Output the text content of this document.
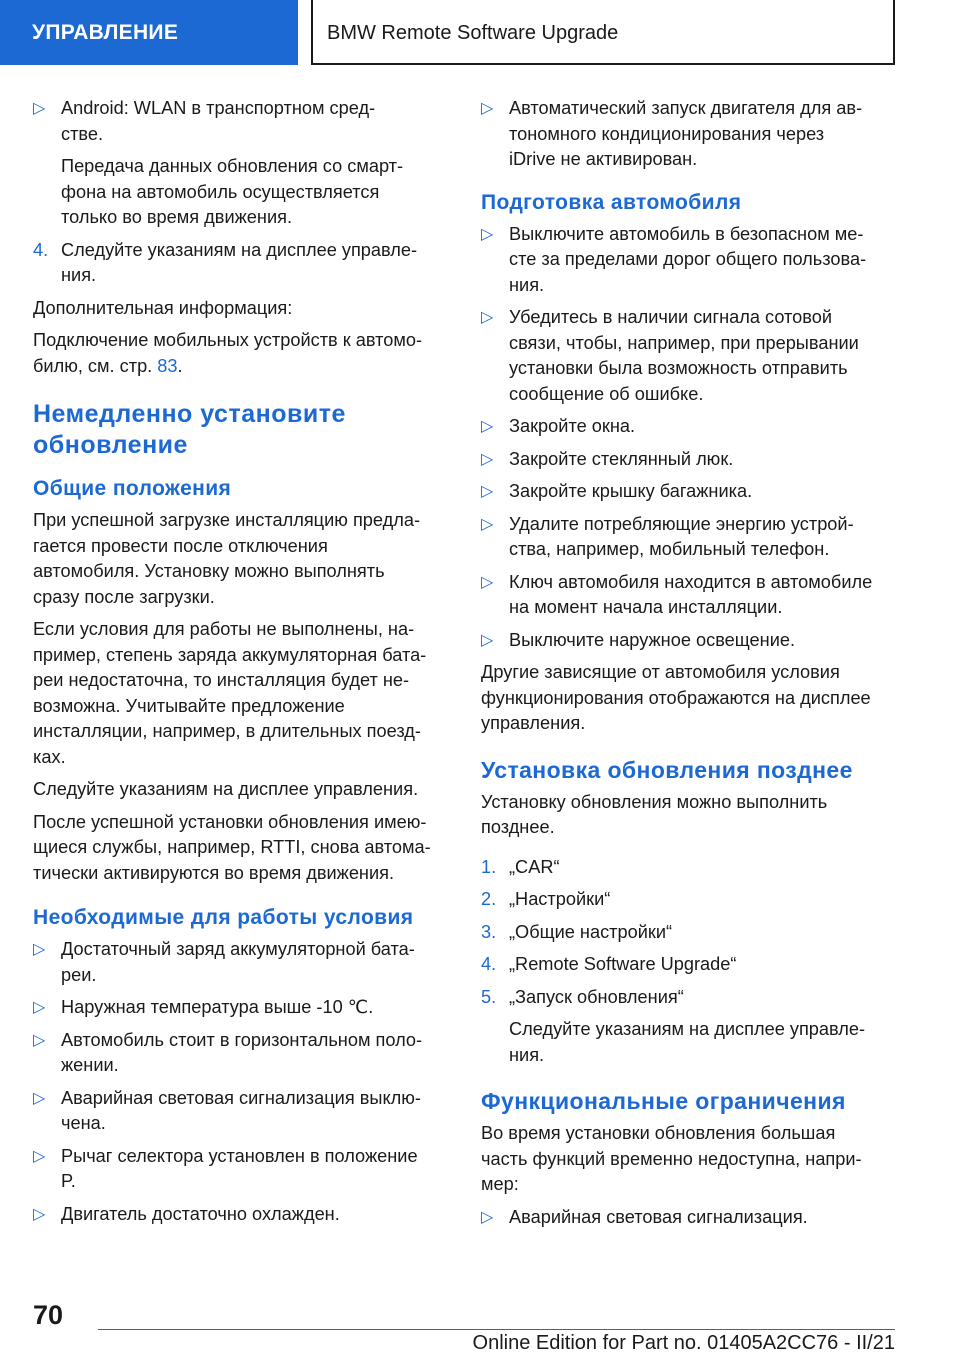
УПРАВЛЕНИЕ	BMW Remote Software Upgrade
▷ Android: WLAN в транспортном сред-
стве.
Передача данных обновления со смарт-
фона на автомобиль осуществляется
только во время движения.
4. Следуйте указаниям на дисплее управле-
ния.
Дополнительная информация:
Подключение мобильных устройств к автомо-
билю, см. стр. 83.
Немедленно установите
обновление
Общие положения
При успешной загрузке инсталляцию предла-
гается провести после отключения
автомобиля. Установку можно выполнять
сразу после загрузки.
Если условия для работы не выполнены, на-
пример, степень заряда аккумуляторная бата-
реи недостаточна, то инсталляция будет не-
возможна. Учитывайте предложение
инсталляции, например, в длительных поезд-
ках.
Следуйте указаниям на дисплее управления.
После успешной установки обновления имею-
щиеся службы, например, RTTI, снова автома-
тически активируются во время движения.
Необходимые для работы условия
▷ Достаточный заряд аккумуляторной бата-
реи.
▷ Наружная температура выше -10 ℃.
▷ Автомобиль стоит в горизонтальном поло-
жении.
▷ Аварийная световая сигнализация выклю-
чена.
▷ Рычаг селектора установлен в положение
P.
▷ Двигатель достаточно охлажден.
▷ Автоматический запуск двигателя для ав-
тономного кондиционирования через
iDrive не активирован.
Подготовка автомобиля
▷ Выключите автомобиль в безопасном ме-
сте за пределами дорог общего пользова-
ния.
▷ Убедитесь в наличии сигнала сотовой
связи, чтобы, например, при прерывании
установки была возможность отправить
сообщение об ошибке.
▷ Закройте окна.
▷ Закройте стеклянный люк.
▷ Закройте крышку багажника.
▷ Удалите потребляющие энергию устрой-
ства, например, мобильный телефон.
▷ Ключ автомобиля находится в автомобиле
на момент начала инсталляции.
▷ Выключите наружное освещение.
Другие зависящие от автомобиля условия
функционирования отображаются на дисплее
управления.
Установка обновления позднее
Установку обновления можно выполнить
позднее.
1. „CAR“
2. „Настройки“
3. „Общие настройки“
4. „Remote Software Upgrade“
5. „Запуск обновления“
Следуйте указаниям на дисплее управле-
ния.
Функциональные ограничения
Во время установки обновления большая
часть функций временно недоступна, напри-
мер:
▷ Аварийная световая сигнализация.
70
Online Edition for Part no. 01405A2CC76 - II/21
